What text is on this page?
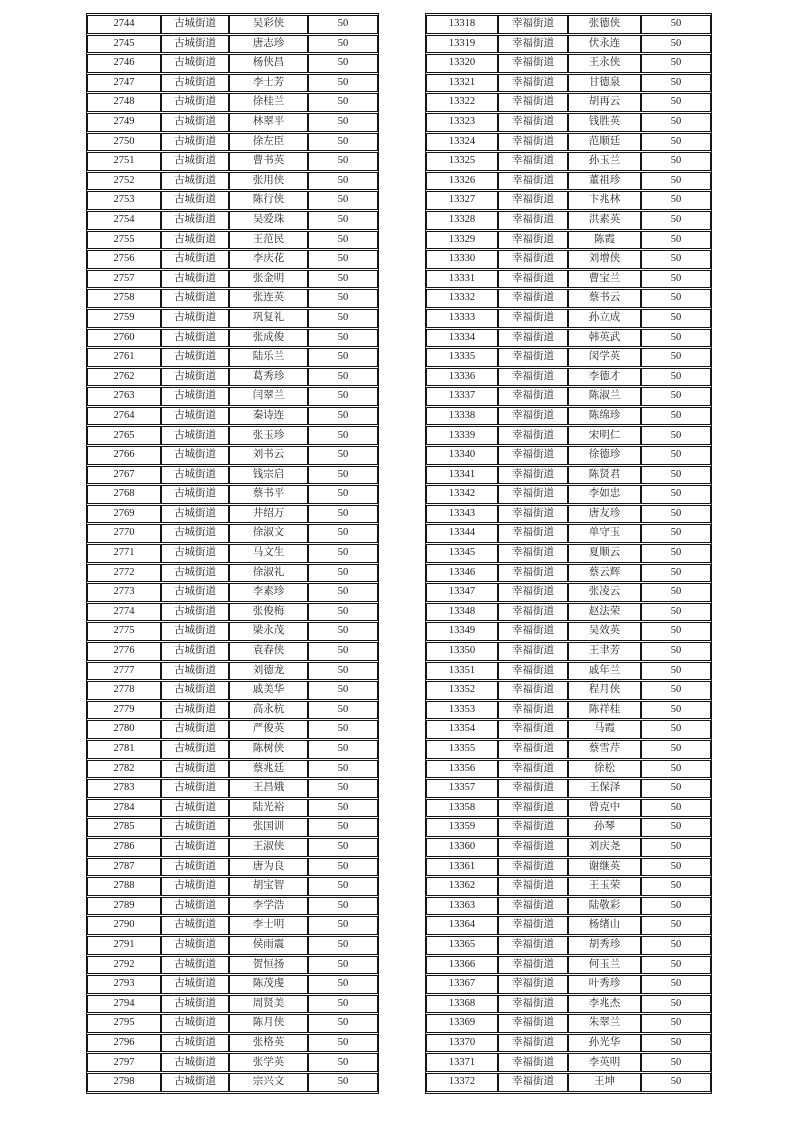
2744	古城街道	吴彩侠	50
2745	古城街道	唐志珍	50
2746	古城街道	杨侠昌	50
2747	古城街道	李士芳	50
2748	古城街道	徐桂兰	50
2749	古城街道	林翠平	50
2750	古城街道	徐左臣	50
2751	古城街道	曹书英	50
2752	古城街道	张用侠	50
2753	古城街道	陈行侠	50
2754	古城街道	吴爱珠	50
2755	古城街道	王范民	50
2756	古城街道	李庆花	50
2757	古城街道	张金明	50
2758	古城街道	张连英	50
2759	古城街道	巩复礼	50
2760	古城街道	张成俊	50
2761	古城街道	陆乐兰	50
2762	古城街道	葛秀珍	50
2763	古城街道	闫翠兰	50
2764	古城街道	秦诗连	50
2765	古城街道	张玉珍	50
2766	古城街道	刘书云	50
2767	古城街道	钱宗启	50
2768	古城街道	蔡书平	50
2769	古城街道	井绍万	50
2770	古城街道	徐淑文	50
2771	古城街道	马文生	50
2772	古城街道	徐淑礼	50
2773	古城街道	李素珍	50
2774	古城街道	张俊梅	50
2775	古城街道	梁永茂	50
2776	古城街道	袁春侠	50
2777	古城街道	刘德龙	50
2778	古城街道	戚美华	50
2779	古城街道	高永杭	50
2780	古城街道	严俊英	50
2781	古城街道	陈树侠	50
2782	古城街道	蔡兆廷	50
2783	古城街道	王昌娥	50
2784	古城街道	陆光裕	50
2785	古城街道	张国训	50
2786	古城街道	王淑侠	50
2787	古城街道	唐为良	50
2788	古城街道	胡宝智	50
2789	古城街道	李学浩	50
2790	古城街道	李士明	50
2791	古城街道	侯雨震	50
2792	古城街道	贺恒扬	50
2793	古城街道	陈茂虔	50
2794	古城街道	周贤美	50
2795	古城街道	陈月侠	50
2796	古城街道	张格英	50
2797	古城街道	张学英	50
2798	古城街道	宗兴文	50
13318	幸福街道	张德侠	50
13319	幸福街道	伏永连	50
13320	幸福街道	王永侠	50
13321	幸福街道	甘德泉	50
13322	幸福街道	胡再云	50
13323	幸福街道	钱胜英	50
13324	幸福街道	范顺廷	50
13325	幸福街道	孙玉兰	50
13326	幸福街道	董祖珍	50
13327	幸福街道	卞兆林	50
13328	幸福街道	洪素英	50
13329	幸福街道	陈霞	50
13330	幸福街道	刘增侠	50
13331	幸福街道	曹宝兰	50
13332	幸福街道	蔡书云	50
13333	幸福街道	孙立成	50
13334	幸福街道	韩英武	50
13335	幸福街道	闵学英	50
13336	幸福街道	李德才	50
13337	幸福街道	陈淑兰	50
13338	幸福街道	陈绵珍	50
13339	幸福街道	宋明仁	50
13340	幸福街道	徐德珍	50
13341	幸福街道	陈贤君	50
13342	幸福街道	李如忠	50
13343	幸福街道	唐友珍	50
13344	幸福街道	单守玉	50
13345	幸福街道	夏顺云	50
13346	幸福街道	蔡云辉	50
13347	幸福街道	张凌云	50
13348	幸福街道	赵法荣	50
13349	幸福街道	吴效英	50
13350	幸福街道	王聿芳	50
13351	幸福街道	戚年兰	50
13352	幸福街道	程月侠	50
13353	幸福街道	陈祥桂	50
13354	幸福街道	马霞	50
13355	幸福街道	蔡雪芹	50
13356	幸福街道	徐松	50
13357	幸福街道	王保泽	50
13358	幸福街道	曾克中	50
13359	幸福街道	孙琴	50
13360	幸福街道	刘庆尧	50
13361	幸福街道	谢继英	50
13362	幸福街道	王玉荣	50
13363	幸福街道	陆敬彩	50
13364	幸福街道	杨绪山	50
13365	幸福街道	胡秀珍	50
13366	幸福街道	何玉兰	50
13367	幸福街道	叶秀珍	50
13368	幸福街道	李兆杰	50
13369	幸福街道	朱翠兰	50
13370	幸福街道	孙光华	50
13371	幸福街道	李英明	50
13372	幸福街道	王坤	50
